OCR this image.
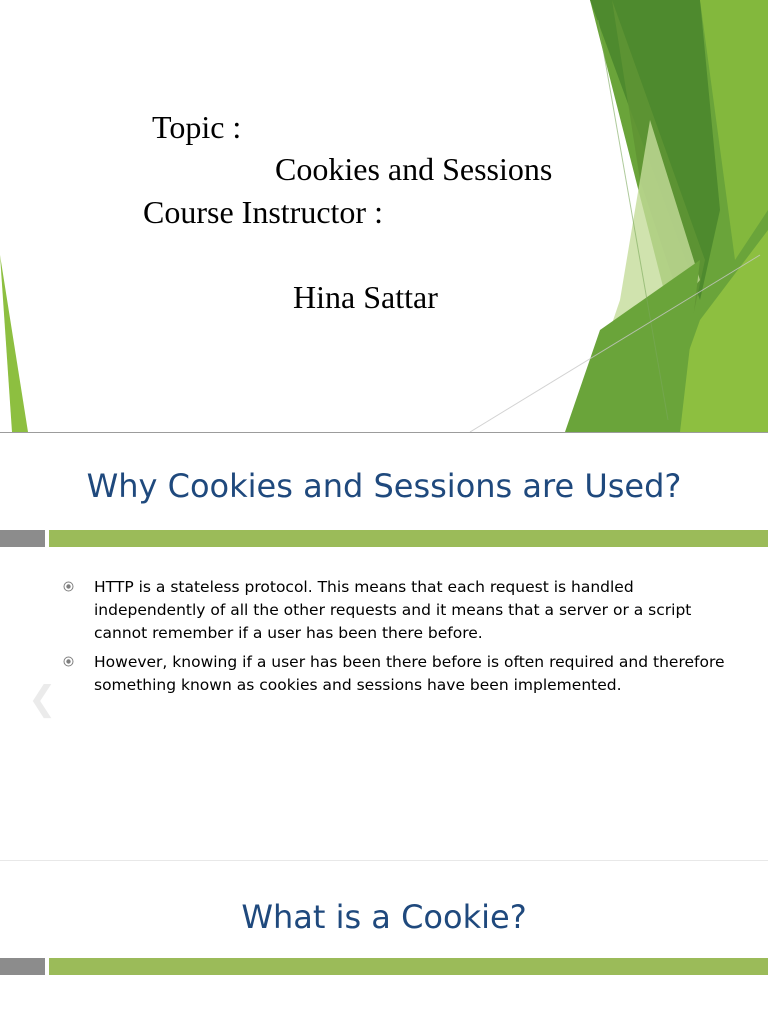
Topic :
Cookies and Sessions
Course Instructor :
Hina Sattar
Why Cookies and Sessions are Used?
HTTP is a stateless protocol. This means that each request is handled independently of all the other requests and it means that a server or a script cannot remember if a user has been there before.
However, knowing if a user has been there before is often required and therefore something known as cookies and sessions have been implemented.
❮
What is a Cookie?
